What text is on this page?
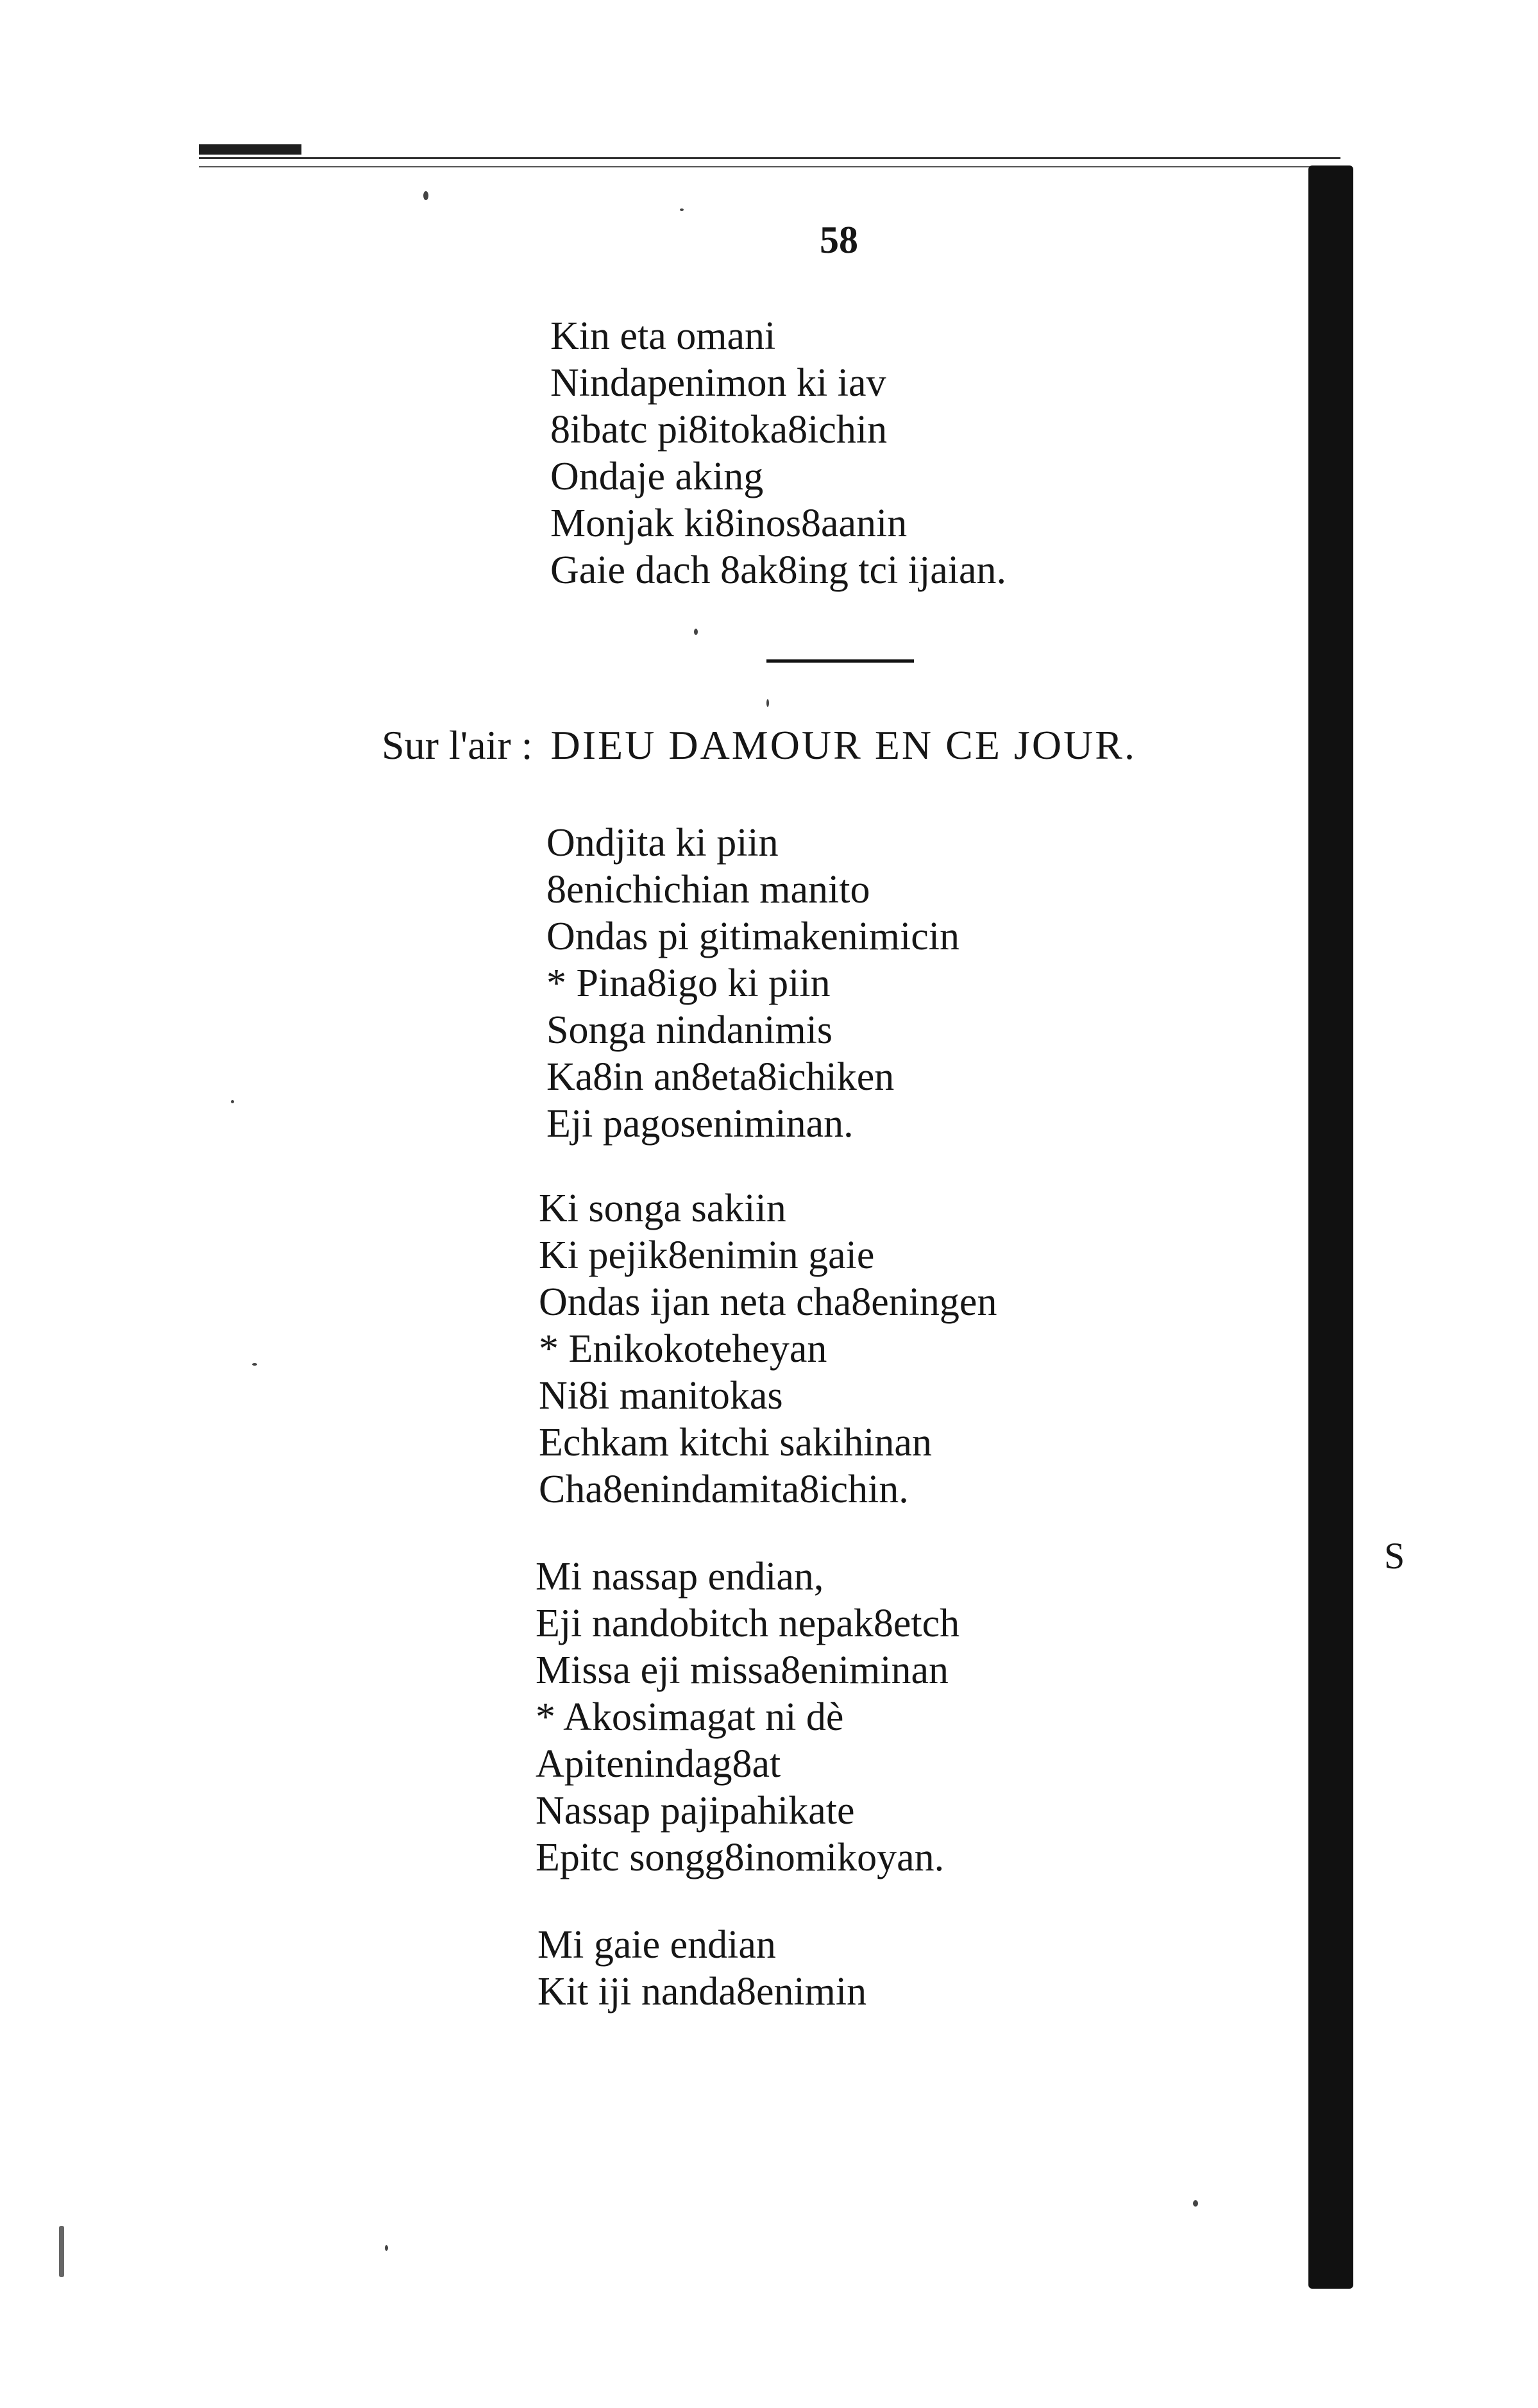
58
Kin eta omani
Nindapenimon ki iav
8ibatc pi8itoka8ichin
Ondaje aking
Monjak ki8inos8aanin
Gaie dach 8ak8ing tci ijaian.
Sur l'air : DIEU DAMOUR EN CE JOUR.
Ondjita ki piin
8enichichian manito
Ondas pi gitimakenimicin
* Pina8igo ki piin
Songa nindanimis
Ka8in an8eta8ichiken
Eji pagoseniminan.
Ki songa sakiin
Ki pejik8enimin gaie
Ondas ijan neta cha8eningen
* Enikokoteheyan
Ni8i manitokas
Echkam kitchi sakihinan
Cha8enindamita8ichin.
Mi nassap endian,
Eji nandobitch nepak8etch
Missa eji missa8eniminan
* Akosimagat ni dè
Apitenindag8at
Nassap pajipahikate
Epitc songg8inomikoyan.
Mi gaie endian
Kit iji nanda8enimin
S
